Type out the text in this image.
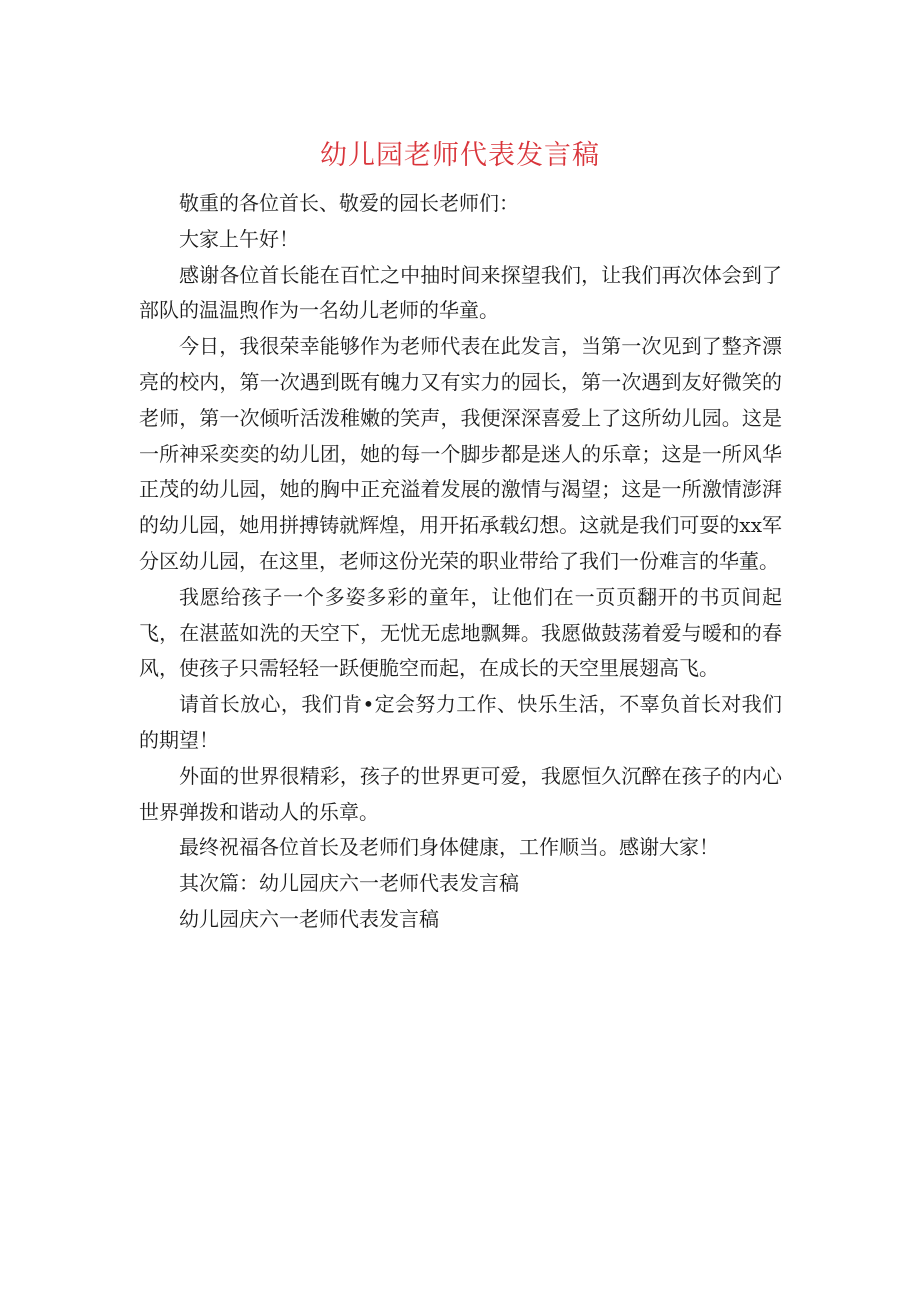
幼儿园老师代表发言稿

敬重的各位首长、敬爱的园长老师们：

大家上午好！

感谢各位首长能在百忙之中抽时间来探望我们，让我们再次体会到了部队的温温煦作为一名幼儿老师的华童。

今日，我很荣幸能够作为老师代表在此发言，当第一次见到了整齐漂亮的校内，第一次遇到既有魄力又有实力的园长，第一次遇到友好微笑的老师，第一次倾听活泼稚嫩的笑声，我便深深喜爱上了这所幼儿园。这是一所神采奕奕的幼儿团，她的每一个脚步都是迷人的乐章；这是一所风华正茂的幼儿园，她的胸中正充溢着发展的激情与渴望；这是一所激情澎湃的幼儿园，她用拼搏铸就辉煌，用开拓承载幻想。这就是我们可耍的xx军分区幼儿园，在这里，老师这份光荣的职业带给了我们一份难言的华董。

我愿给孩子一个多姿多彩的童年，让他们在一页页翻开的书页间起飞，在湛蓝如洗的天空下，无忧无虑地飘舞。我愿做鼓荡着爱与暧和的春风，使孩子只需轻轻一跃便脆空而起，在成长的天空里展翅高飞。

请首长放心，我们肯•定会努力工作、快乐生活，不辜负首长对我们的期望！

外面的世界很精彩，孩子的世界更可爱，我愿恒久沉醉在孩子的内心世界弹拨和谐动人的乐章。

最终祝福各位首长及老师们身体健康，工作顺当。感谢大家！

其次篇：幼儿园庆六一老师代表发言稿

幼儿园庆六一老师代表发言稿
